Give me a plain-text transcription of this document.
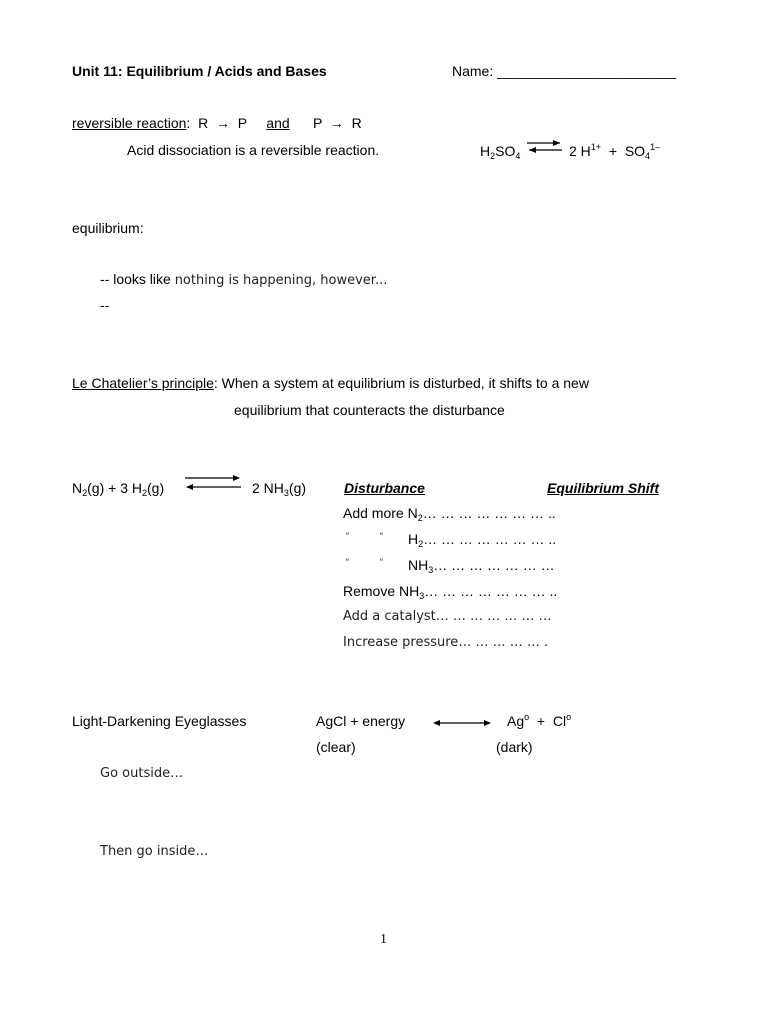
Unit 11: Equilibrium / Acids and Bases	Name: _______________________
reversible reaction: R  →  P and P  →  R
Acid dissociation is a reversible reaction.	$H_2SO_4$ ⇌ 2 $H^{1+} + SO_4^{1-}$
equilibrium:
-- looks like nothing is happening, however...
--
Le Chatelier’s principle: When a system at equilibrium is disturbed, it shifts to a new
equilibrium that counteracts the disturbance
$N_2(g) + 3$ $H_2(g)$	2 $NH_3(g)$	Disturbance	Equilibrium Shift
Add more $N_2\dots$ … … … … … … ..
“	“ $H_2\dots$ … … … … … … ..
“	“ $NH_3\dots$ … … … … … …
Remove $NH_3\dots$ … … … … … … ..
Add a catalyst… … … … … … …
Increase pressure… … … … … .
Light-Darkening Eyeglasses	AgCl + energy	$Ag^o + Cl^o$
(clear)	(dark)
Go outside…
Then go inside…
1
